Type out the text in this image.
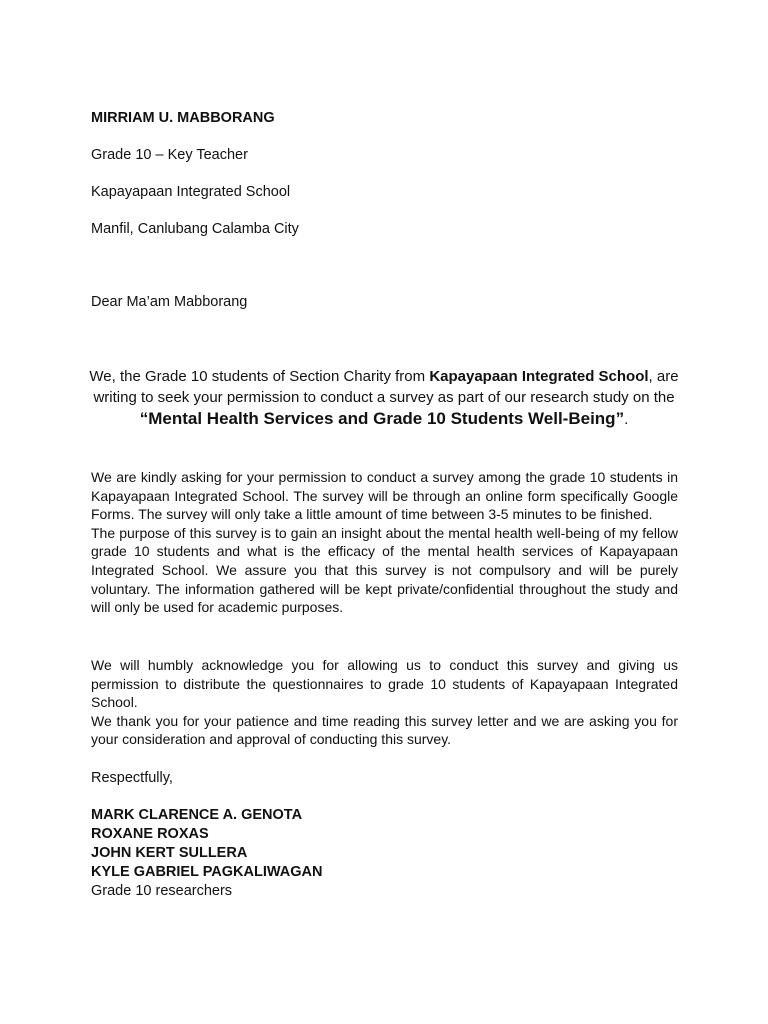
MIRRIAM U. MABBORANG
Grade 10 – Key Teacher
Kapayapaan Integrated School
Manfil, Canlubang Calamba City
Dear Ma’am Mabborang
We, the Grade 10 students of Section Charity from Kapayapaan Integrated School, are writing to seek your permission to conduct a survey as part of our research study on the “Mental Health Services and Grade 10 Students Well-Being”.

We are kindly asking for your permission to conduct a survey among the grade 10 students in Kapayapaan Integrated School. The survey will be through an online form specifically Google Forms. The survey will only take a little amount of time between 3-5 minutes to be finished.

The purpose of this survey is to gain an insight about the mental health well-being of my fellow grade 10 students and what is the efficacy of the mental health services of Kapayapaan Integrated School. We assure you that this survey is not compulsory and will be purely voluntary. The information gathered will be kept private/confidential throughout the study and will only be used for academic purposes.

We will humbly acknowledge you for allowing us to conduct this survey and giving us permission to distribute the questionnaires to grade 10 students of Kapayapaan Integrated School.

We thank you for your patience and time reading this survey letter and we are asking you for your consideration and approval of conducting this survey.

Respectfully,
MARK CLARENCE A. GENOTA
ROXANE ROXAS
JOHN KERT SULLERA
KYLE GABRIEL PAGKALIWAGAN
Grade 10 researchers
